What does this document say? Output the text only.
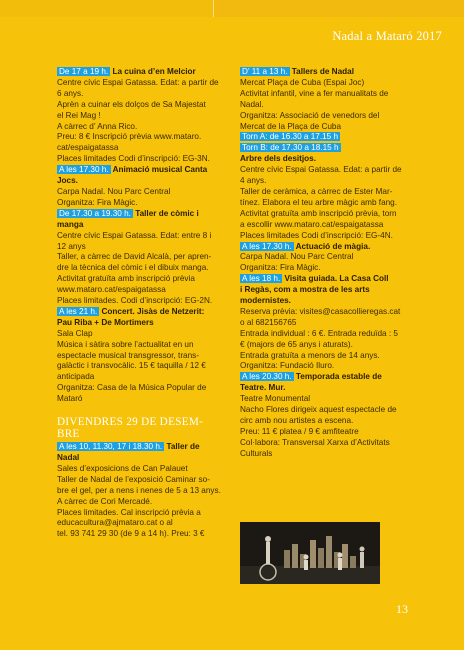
Nadal a Mataró 2017
De 17 a 19 h. La cuina d’en Melcior
Centre cívic Espai Gatassa. Edat: a partir de
6 anys.
Aprèn a cuinar els dolços de Sa Majestat
el Rei Mag !
A càrrec d’ Anna Rico.
Preu: 8 € Inscripció prèvia www.mataro.
cat/espaigatassa
Places limitades Codi d’inscripció: EG-3N.
A les 17.30 h. Animació musical Canta
Jocs.
Carpa Nadal. Nou Parc Central
Organitza: Fira Màgic.
De 17.30 a 19.30 h. Taller de còmic i
manga
Centre cívic Espai Gatassa. Edat: entre 8 i
12 anys
Taller, a càrrec de David Alcalà, per apren-
dre la tècnica del còmic i el dibuix manga.
Activitat gratuïta amb inscripció prèvia
www.mataro.cat/espaigatassa
Places limitades. Codi d’inscripció: EG-2N.
A les 21 h. Concert. Jisàs de Netzerit:
Pau Riba + De Mortimers
Sala Clap
Música i sàtira sobre l’actualitat en un
espectacle musical transgressor, trans-
galàctic i transvocàlic. 15 € taquilla / 12 €
anticipada
Organitza: Casa de la Música Popular de
Mataró
DIVENDRES 29 DE DESEM-
BRE
A les 10, 11.30, 17 i 18.30 h. Taller de
Nadal
Sales d’exposicions de Can Palauet
Taller de Nadal de l’exposició Caminar so-
bre el gel, per a nens i nenes de 5 a 13 anys.
A càrrec de Cori Mercadé.
Places limitades. Cal inscripció prèvia a
educacultura@ajmataro.cat o al
tel. 93 741 29 30 (de 9 a 14 h). Preu: 3 €
D’ 11 a 13 h. Tallers de Nadal
Mercat Plaça de Cuba (Espai Joc)
Activitat infantil, vine a fer manualitats de
Nadal.
Organitza: Associació de venedors del
Mercat de la Plaça de Cuba
Torn A: de 16.30 a 17.15 h
Torn B: de 17.30 a 18.15 h
Arbre dels desitjos.
Centre cívic Espai Gatassa. Edat: a partir de
4 anys.
Taller de ceràmica, a càrrec de Ester Mar-
tínez. Elabora el teu arbre màgic amb fang.
Activitat gratuïta amb inscripció prèvia, torn
a escollir www.mataro.cat/espaigatassa
Places limitades Codi d’inscripció: EG-4N.
A les 17.30 h. Actuació de màgia.
Carpa Nadal. Nou Parc Central
Organitza: Fira Màgic.
A les 18 h. Visita guiada. La Casa Coll
i Regàs, com a mostra de les arts
modernistes.
Reserva prèvia: visites@casacollieregas.cat
o al 682156765
Entrada individual : 6 €. Entrada reduïda : 5
€ (majors de 65 anys i aturats).
Entrada gratuïta a menors de 14 anys.
Organitza: Fundació Iluro.
A les 20.30 h. Temporada estable de
Teatre. Mur.
Teatre Monumental
Nacho Flores dirigeix aquest espectacle de
circ amb nou artistes a escena.
Preu: 11 € platea / 9 € amfiteatre
Col·labora: Transversal Xarxa d’Activitats
Culturals
13
